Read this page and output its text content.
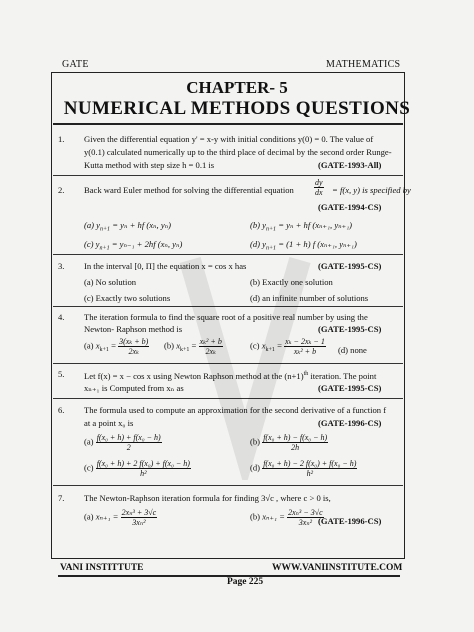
GATE	MATHEMATICS
CHAPTER- 5
NUMERICAL METHODS QUESTIONS
1. Given the differential equation y' = x-y with initial conditions y(0) = 0. The value of
y(0.1) calculated numerically up to the third place of decimal by the second order Runge-
Kutta method with step size h = 0.1 is	(GATE-1993-All)
2. Back ward Euler method for solving the differential equation	$\frac{dy}{dx} = f(x$, y) is specified by
(GATE-1994-CS)
(a) $y_{n+1} = y_n$ + hf (xₙ, yₙ)	(b) $y_{n+1} = y_n$ + hf (xₙ₊₁, yₙ₊₁)
(c) $y_{n+1} = y_{n-1} + 2hf$ (xₙ, yₙ)	(d) $y_{n+1} = (1 + h)$ f (xₙ₊₁, yₙ₊₁)
3. In the interval [0, Π] the equation x = cos x has	(GATE-1995-CS)
(a) No solution	(b) Exactly one solution
(c) Exactly two solutions	(d) an infinite number of solutions
4. The iteration formula to find the square root of a positive real number by using the
Newton- Raphson method is	(GATE-1995-CS)
(a) $x_{k+1} = \frac{\text{3(xₖ + b)}}{\text{2xₖ}} (b) x_{k+1} = \frac{\text{xₖ² + b}}{\text{2xₖ}}$	(c) $x_{k+1} = \frac{\text{xₖ − 2xₖ − 1}}{\text{xₖ² + b}} (d)$ none
5. Let f(x) = x − cos x using Newton Raphson method at the $(n+1)^{th}$ iteration. The point
xₙ₊₁ is Computed from xₙ as	(GATE-1995-CS)
6. The formula used to compute an approximation for the second derivative of a function f
at a point x₀ is	(GATE-1996-CS)
$(a) \frac{\text{f(x₀ + h) + f(x₀ − h)}}{2}$	$(b) \frac{\text{f(x₀ + h) − f(x₀ − h)}}{2h}$
$(c) \frac{\text{f(x₀ + h) + 2 f(x₀) + f(x₀ − h)}}{\text{h²}}$	$(d) \frac{\text{f(x₀ + h) − 2 f(x₀) + f(x₀ − h)}}{\text{h²}}$
7. The Newton-Raphson iteration formula for finding 3√c , where c > 0 is,
(a) $x_{n+1} = \frac{\text{2xₙ³ + 3√c}}{\text{3xₙ²}}$	(b) $x_{n+1} = \frac{\text{2xₙ³ − 3√c}}{\text{3xₙ²}}$
(GATE-1996-CS)
VANI INSTITTUTE
Page 225
WWW.VANIINSTITUTE.COM
